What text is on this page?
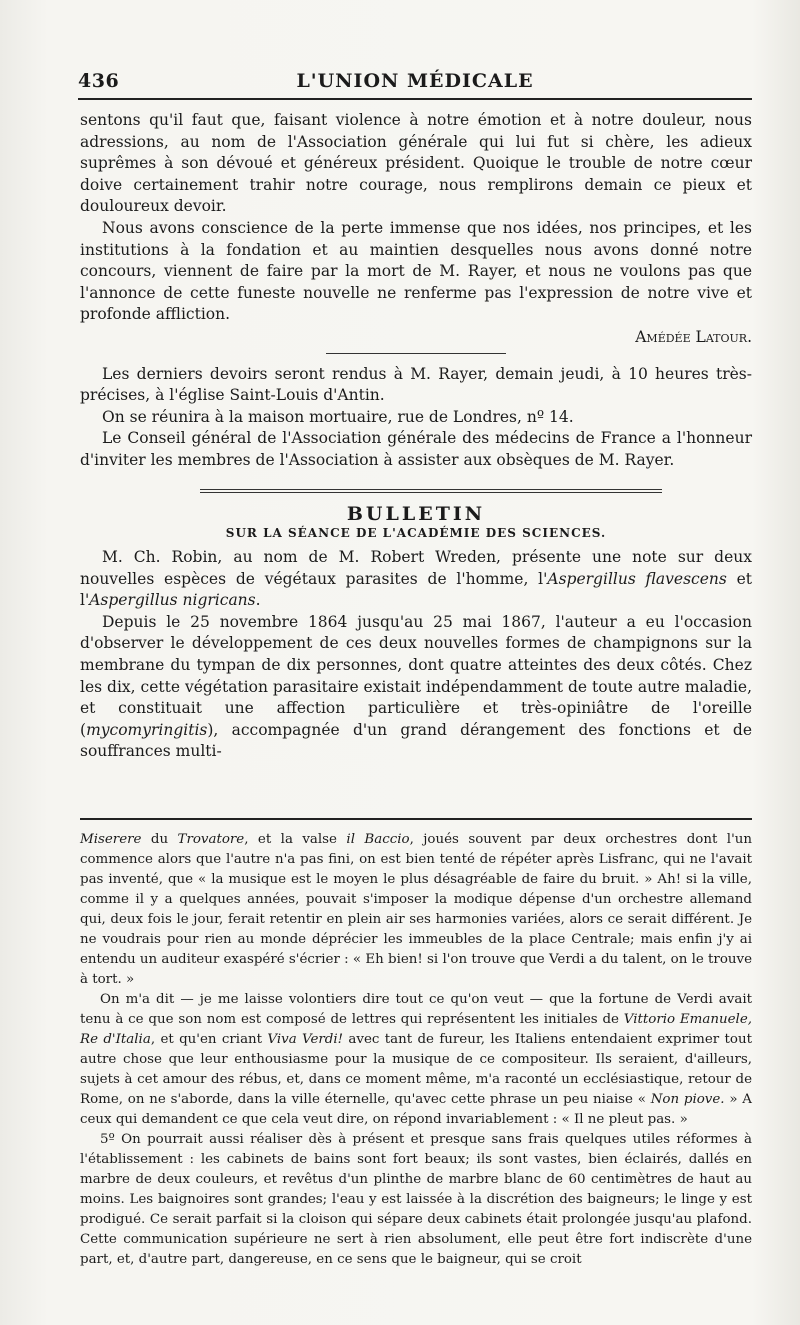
436	L'UNION MÉDICALE

sentons qu'il faut que, faisant violence à notre émotion et à notre douleur, nous adressions, au nom de l'Association générale qui lui fut si chère, les adieux suprêmes à son dévoué et généreux président. Quoique le trouble de notre cœur doive certainement trahir notre courage, nous remplirons demain ce pieux et douloureux devoir.

Nous avons conscience de la perte immense que nos idées, nos principes, et les institutions à la fondation et au maintien desquelles nous avons donné notre concours, viennent de faire par la mort de M. Rayer, et nous ne voulons pas que l'annonce de cette funeste nouvelle ne renferme pas l'expression de notre vive et profonde affliction.

Amédée Latour.

Les derniers devoirs seront rendus à M. Rayer, demain jeudi, à 10 heures très-précises, à l'église Saint-Louis d'Antin.

On se réunira à la maison mortuaire, rue de Londres, nº 14.

Le Conseil général de l'Association générale des médecins de France a l'honneur d'inviter les membres de l'Association à assister aux obsèques de M. Rayer.

BULLETIN

SUR LA SÉANCE DE L'ACADÉMIE DES SCIENCES.

M. Ch. Robin, au nom de M. Robert Wreden, présente une note sur deux nouvelles espèces de végétaux parasites de l'homme, l'Aspergillus flavescens et l'Aspergillus nigricans.

Depuis le 25 novembre 1864 jusqu'au 25 mai 1867, l'auteur a eu l'occasion d'observer le développement de ces deux nouvelles formes de champignons sur la membrane du tympan de dix personnes, dont quatre atteintes des deux côtés. Chez les dix, cette végétation parasitaire existait indépendamment de toute autre maladie, et constituait une affection particulière et très-opiniâtre de l'oreille (mycomyringitis), accompagnée d'un grand dérangement des fonctions et de souffrances multi-

Miserere du Trovatore, et la valse il Baccio, joués souvent par deux orchestres dont l'un commence alors que l'autre n'a pas fini, on est bien tenté de répéter après Lisfranc, qui ne l'avait pas inventé, que « la musique est le moyen le plus désagréable de faire du bruit. » Ah! si la ville, comme il y a quelques années, pouvait s'imposer la modique dépense d'un orchestre allemand qui, deux fois le jour, ferait retentir en plein air ses harmonies variées, alors ce serait différent. Je ne voudrais pour rien au monde déprécier les immeubles de la place Centrale; mais enfin j'y ai entendu un auditeur exaspéré s'écrier : « Eh bien! si l'on trouve que Verdi a du talent, on le trouve à tort. »

On m'a dit — je me laisse volontiers dire tout ce qu'on veut — que la fortune de Verdi avait tenu à ce que son nom est composé de lettres qui représentent les initiales de Vittorio Emanuele, Re d'Italia, et qu'en criant Viva Verdi! avec tant de fureur, les Italiens entendaient exprimer tout autre chose que leur enthousiasme pour la musique de ce compositeur. Ils seraient, d'ailleurs, sujets à cet amour des rébus, et, dans ce moment même, m'a raconté un ecclésiastique, retour de Rome, on ne s'aborde, dans la ville éternelle, qu'avec cette phrase un peu niaise « Non piove. » A ceux qui demandent ce que cela veut dire, on répond invariablement : « Il ne pleut pas. »

5º On pourrait aussi réaliser dès à présent et presque sans frais quelques utiles réformes à l'établissement : les cabinets de bains sont fort beaux; ils sont vastes, bien éclairés, dallés en marbre de deux couleurs, et revêtus d'un plinthe de marbre blanc de 60 centimètres de haut au moins. Les baignoires sont grandes; l'eau y est laissée à la discrétion des baigneurs; le linge y est prodigué. Ce serait parfait si la cloison qui sépare deux cabinets était prolongée jusqu'au plafond. Cette communication supérieure ne sert à rien absolument, elle peut être fort indiscrète d'une part, et, d'autre part, dangereuse, en ce sens que le baigneur, qui se croit
